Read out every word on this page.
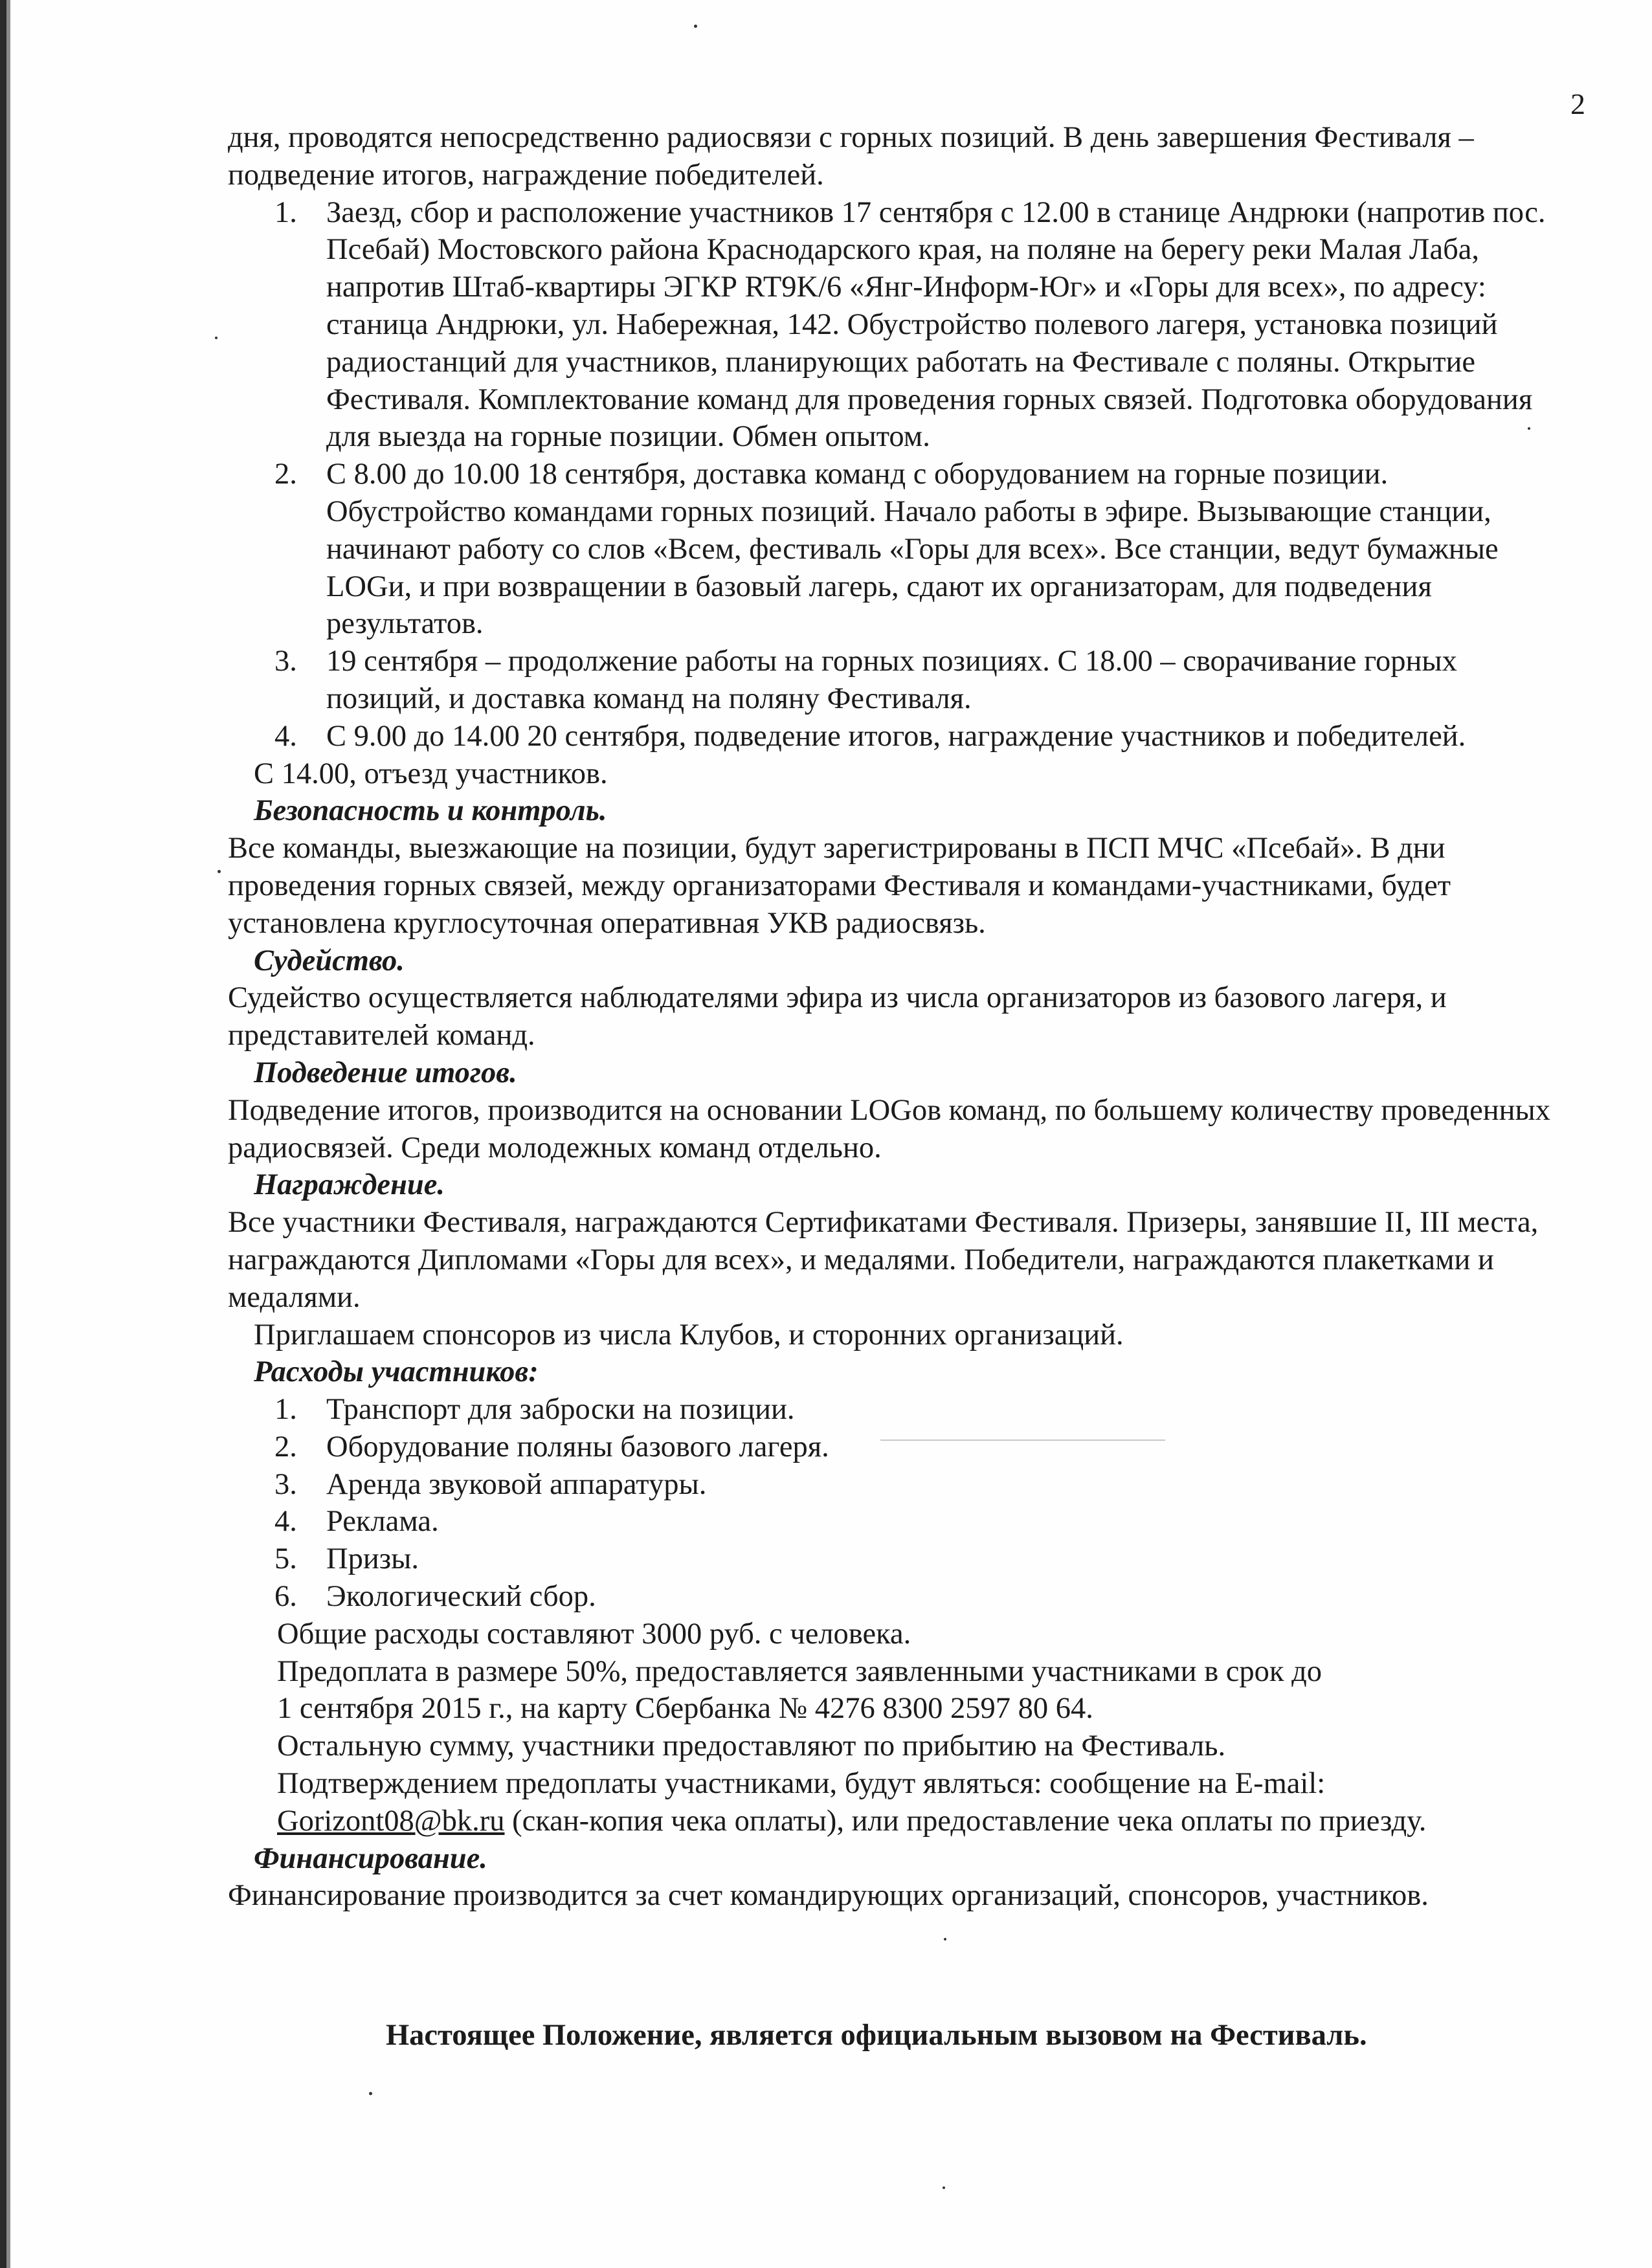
2

дня, проводятся непосредственно радиосвязи с горных позиций. В день завершения Фестиваля – подведение итогов, награждение победителей.

1. Заезд, сбор и расположение участников 17 сентября с 12.00 в станице Андрюки (напротив пос. Псебай) Мостовского района Краснодарского края, на поляне на берегу реки Малая Лаба, напротив Штаб-квартиры ЭГКР RT9K/6 «Янг-Информ-Юг» и «Горы для всех», по адресу: станица Андрюки, ул. Набережная, 142. Обустройство полевого лагеря, установка позиций радиостанций для участников, планирующих работать на Фестивале с поляны. Открытие Фестиваля. Комплектование команд для проведения горных связей. Подготовка оборудования для выезда на горные позиции. Обмен опытом.
2. С 8.00 до 10.00 18 сентября, доставка команд с оборудованием на горные позиции. Обустройство командами горных позиций. Начало работы в эфире. Вызывающие станции, начинают работу со слов «Всем, фестиваль «Горы для всех». Все станции, ведут бумажные LOGи, и при возвращении в базовый лагерь, сдают их организаторам, для подведения результатов.
3. 19 сентября – продолжение работы на горных позициях. С 18.00 – сворачивание горных позиций, и доставка команд на поляну Фестиваля.
4. С 9.00 до 14.00 20 сентября, подведение итогов, награждение участников и победителей.

С 14.00, отъезд участников.

Безопасность и контроль.

Все команды, выезжающие на позиции, будут зарегистрированы в ПСП МЧС «Псебай». В дни проведения горных связей, между организаторами Фестиваля и командами-участниками, будет установлена круглосуточная оперативная УКВ радиосвязь.

Судейство.

Судейство осуществляется наблюдателями эфира из числа организаторов из базового лагеря, и представителей команд.

Подведение итогов.

Подведение итогов, производится на основании LOGов команд, по большему количеству проведенных радиосвязей. Среди молодежных команд отдельно.

Награждение.

Все участники Фестиваля, награждаются Сертификатами Фестиваля. Призеры, занявшие II, III места, награждаются Дипломами «Горы для всех», и медалями. Победители, награждаются плакетками и медалями.

Приглашаем спонсоров из числа Клубов, и сторонних организаций.

Расходы участников:

1. Транспорт для заброски на позиции.
2. Оборудование поляны базового лагеря.
3. Аренда звуковой аппаратуры.
4. Реклама.
5. Призы.
6. Экологический сбор.

Общие расходы составляют 3000 руб. с человека.

Предоплата в размере 50%, предоставляется заявленными участниками в срок до

1 сентября 2015 г., на карту Сбербанка № 4276 8300 2597 80 64.

Остальную сумму, участники предоставляют по прибытию на Фестиваль.

Подтверждением предоплаты участниками, будут являться: сообщение на E-mail:

Gorizont08@bk.ru (скан-копия чека оплаты), или предоставление чека оплаты по приезду.

Финансирование.

Финансирование производится за счет командирующих организаций, спонсоров, участников.

Настоящее Положение, является официальным вызовом на Фестиваль.
